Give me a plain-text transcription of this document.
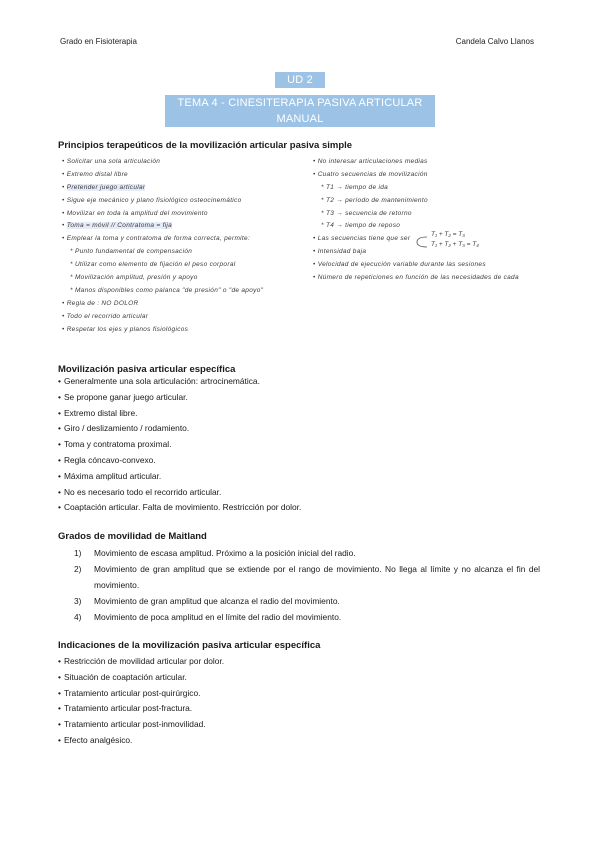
Grado en Fisioterapia	Candela Calvo Llanos
UD 2
TEMA 4 - CINESITERAPIA PASIVA ARTICULAR MANUAL
Principios terapeúticos de la movilización articular pasiva simple
• Solicitar una sola articulación
• Extremo distal libre
• Pretender juego articular
• Sigue eje mecánico y plano fisiológico osteocinemático
• Movilizar en toda la amplitud del movimiento
• Toma = móvil // Contratoma = fija
• Emplear la toma y contratoma de forma correcta, permite:
* Punto fundamental de compensación
* Utilizar como elemento de fijación el peso corporal
* Movilización amplitud, presión y apoyo
* Manos disponibles como palanca "de presión" o "de apoyo"
• Regla de : NO DOLOR
• Todo el recorrido articular
• Respetar los ejes y planos fisiológicos
• No interesar articulaciones medias
• Cuatro secuencias de movilización
* T1 → tiempo de ida
* T2 → período de mantenimiento
* T3 → secuencia de retorno
* T4 → tiempo de reposo
• Las secuencias tiene que ser
• Intensidad baja
• Velocidad de ejecución variable durante las sesiones
• Número de repeticiones en función de las necesidades de cada
T₁ + T₂ = T₃
T₁ + T₂ + T₃ = T₄
Movilización pasiva articular específica
• Generalmente una sola articulación: artrocinemática.
• Se propone ganar juego articular.
• Extremo distal libre.
• Giro / deslizamiento / rodamiento.
• Toma y contratoma proximal.
• Regla cóncavo-convexo.
• Máxima amplitud articular.
• No es necesario todo el recorrido articular.
• Coaptación articular. Falta de movimiento. Restricción por dolor.
Grados de movilidad de Maitland
1)	Movimiento de escasa amplitud. Próximo a la posición inicial del radio.
2)	Movimiento de gran amplitud que se extiende por el rango de movimiento. No llega al límite y no alcanza el fin del movimiento.
3)	Movimiento de gran amplitud que alcanza el radio del movimiento.
4)	Movimiento de poca amplitud en el límite del radio del movimiento.
Indicaciones de la movilización pasiva articular específica
• Restricción de movilidad articular por dolor.
• Situación de coaptación articular.
• Tratamiento articular post-quirúrgico.
• Tratamiento articular post-fractura.
• Tratamiento articular post-inmovilidad.
• Efecto analgésico.
